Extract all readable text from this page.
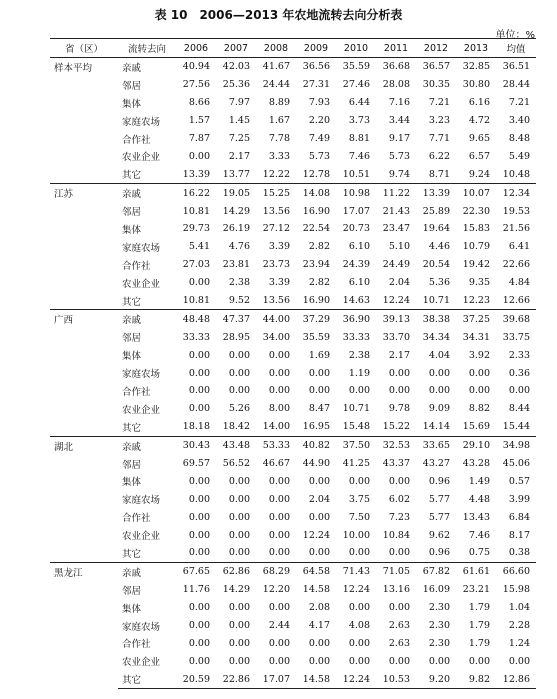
表 10　2006—2013 年农地流转去向分析表
单位：%
省（区）	流转去向	2006	2007	2008	2009	2010	2011	2012	2013	均值
样本平均	亲戚	40.94	42.03	41.67	36.56	35.59	36.68	36.57	32.85	36.51
	邻居	27.56	25.36	24.44	27.31	27.46	28.08	30.35	30.80	28.44
	集体	8.66	7.97	8.89	7.93	6.44	7.16	7.21	6.16	7.21
	家庭农场	1.57	1.45	1.67	2.20	3.73	3.44	3.23	4.72	3.40
	合作社	7.87	7.25	7.78	7.49	8.81	9.17	7.71	9.65	8.48
	农业企业	0.00	2.17	3.33	5.73	7.46	5.73	6.22	6.57	5.49
	其它	13.39	13.77	12.22	12.78	10.51	9.74	8.71	9.24	10.48
江苏	亲戚	16.22	19.05	15.25	14.08	10.98	11.22	13.39	10.07	12.34
	邻居	10.81	14.29	13.56	16.90	17.07	21.43	25.89	22.30	19.53
	集体	29.73	26.19	27.12	22.54	20.73	23.47	19.64	15.83	21.56
	家庭农场	5.41	4.76	3.39	2.82	6.10	5.10	4.46	10.79	6.41
	合作社	27.03	23.81	23.73	23.94	24.39	24.49	20.54	19.42	22.66
	农业企业	0.00	2.38	3.39	2.82	6.10	2.04	5.36	9.35	4.84
	其它	10.81	9.52	13.56	16.90	14.63	12.24	10.71	12.23	12.66
广西	亲戚	48.48	47.37	44.00	37.29	36.90	39.13	38.38	37.25	39.68
	邻居	33.33	28.95	34.00	35.59	33.33	33.70	34.34	34.31	33.75
	集体	0.00	0.00	0.00	1.69	2.38	2.17	4.04	3.92	2.33
	家庭农场	0.00	0.00	0.00	0.00	1.19	0.00	0.00	0.00	0.36
	合作社	0.00	0.00	0.00	0.00	0.00	0.00	0.00	0.00	0.00
	农业企业	0.00	5.26	8.00	8.47	10.71	9.78	9.09	8.82	8.44
	其它	18.18	18.42	14.00	16.95	15.48	15.22	14.14	15.69	15.44
湖北	亲戚	30.43	43.48	53.33	40.82	37.50	32.53	33.65	29.10	34.98
	邻居	69.57	56.52	46.67	44.90	41.25	43.37	43.27	43.28	45.06
	集体	0.00	0.00	0.00	0.00	0.00	0.00	0.96	1.49	0.57
	家庭农场	0.00	0.00	0.00	2.04	3.75	6.02	5.77	4.48	3.99
	合作社	0.00	0.00	0.00	0.00	7.50	7.23	5.77	13.43	6.84
	农业企业	0.00	0.00	0.00	12.24	10.00	10.84	9.62	7.46	8.17
	其它	0.00	0.00	0.00	0.00	0.00	0.00	0.96	0.75	0.38
黑龙江	亲戚	67.65	62.86	68.29	64.58	71.43	71.05	67.82	61.61	66.60
	邻居	11.76	14.29	12.20	14.58	12.24	13.16	16.09	23.21	15.98
	集体	0.00	0.00	0.00	2.08	0.00	0.00	2.30	1.79	1.04
	家庭农场	0.00	0.00	2.44	4.17	4.08	2.63	2.30	1.79	2.28
	合作社	0.00	0.00	0.00	0.00	0.00	2.63	2.30	1.79	1.24
	农业企业	0.00	0.00	0.00	0.00	0.00	0.00	0.00	0.00	0.00
	其它	20.59	22.86	17.07	14.58	12.24	10.53	9.20	9.82	12.86
